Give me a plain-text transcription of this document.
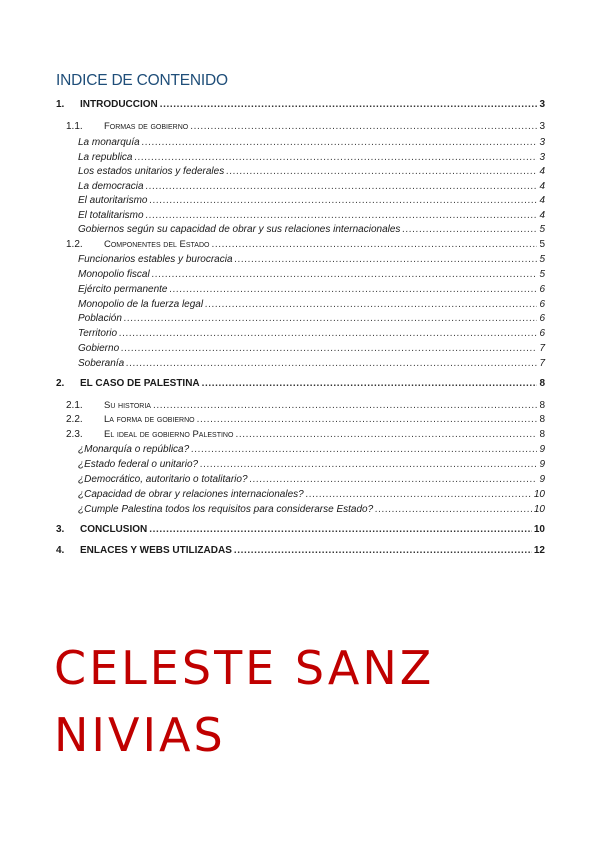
INDICE DE CONTENIDO
1.	INTRODUCCION .....	3
1.1.	Formas de gobierno .....	3
La monarquía .....	3
La republica .....	3
Los estados unitarios y federales .....	4
La democracia .....	4
El autoritarismo .....	4
El totalitarismo .....	4
Gobiernos según su capacidad de obrar y sus relaciones internacionales .....	5
1.2.	Componentes del Estado .....	5
Funcionarios estables y burocracia .....	5
Monopolio fiscal .....	5
Ejército permanente .....	6
Monopolio de la fuerza legal .....	6
Población .....	6
Territorio .....	6
Gobierno .....	7
Soberanía .....	7
2.	EL CASO DE PALESTINA .....	8
2.1.	Su historia .....	8
2.2.	La forma de gobierno .....	8
2.3.	El ideal de gobierno Palestino .....	8
¿Monarquía o república? .....	9
¿Estado federal o unitario? .....	9
¿Democrático, autoritario o totalitario? .....	9
¿Capacidad de obrar y relaciones internacionales? .....	10
¿Cumple Palestina todos los requisitos para considerarse Estado? .....	10
3.	CONCLUSION .....	10
4.	ENLACES Y WEBS UTILIZADAS .....	12
CELESTE SANZ
NIVIAS
